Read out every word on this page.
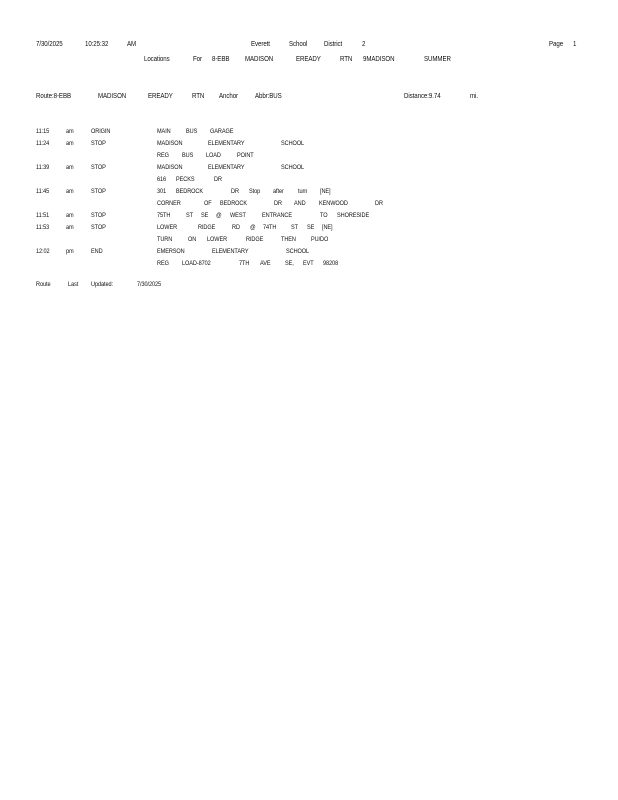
7/30/2025	10:25:32 AM	Everett	School District	2	Page 1
Locations	For 8-EBB MADISON	EREADY	RTN 9MADISON	SUMMER
Route:8-EBB	MADISON	EREADY	RTN Anchor Abbr:BUS	Distance:9.74	mi.
11:15 am	ORIGIN	MAIN BUS GARAGE
11:24 am	STOP	MADISON	ELEMENTARY	SCHOOL
REG BUS LOAD POINT
11:39 am	STOP	MADISON	ELEMENTARY	SCHOOL
616 PECKS	DR
11:45 am	STOP	301 BEDROCK	DR Stop after turn [NE]
CORNER	OF BEDROCK	DR AND KENWOOD	DR
11:51 am	STOP	75TH ST SE @ WEST ENTRANCE	TO SHORESIDE
11:53 am	STOP	LOWER	RIDGE RD @ 74TH ST SE [NE]
TURN ON LOWER	RIDGE	THEN PU/DO
12:02 pm	END	EMERSON	ELEMENTARY	SCHOOL
REG LOAD-8702	7TH AVE SE, EVT 98208
Route	Last Updated:	7/30/2025
